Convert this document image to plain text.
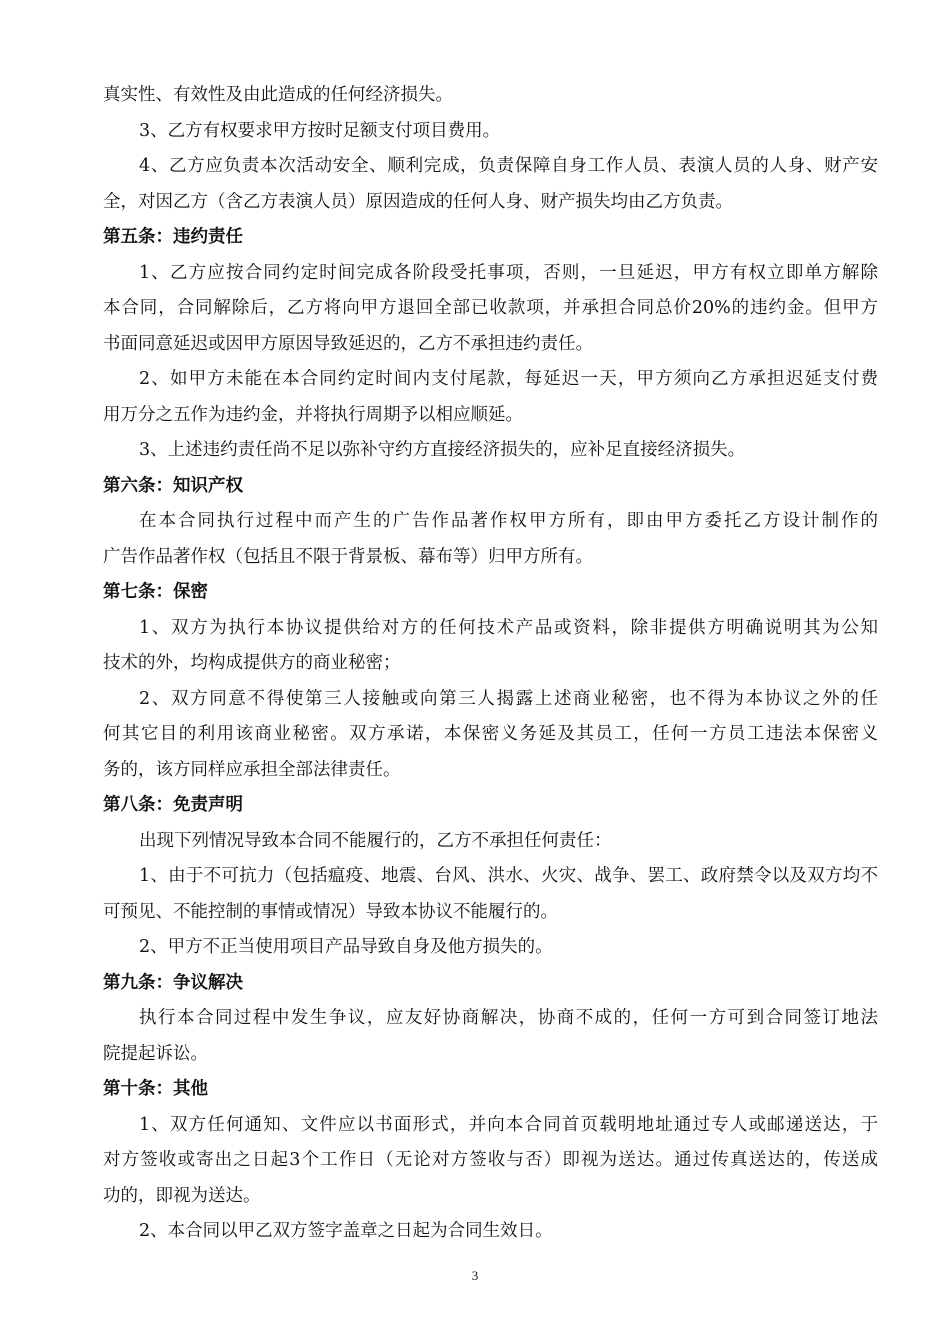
真实性、有效性及由此造成的任何经济损失。
3、乙方有权要求甲方按时足额支付项目费用。
4、乙方应负责本次活动安全、顺利完成，负责保障自身工作人员、表演人员的人身、财产安
全，对因乙方（含乙方表演人员）原因造成的任何人身、财产损失均由乙方负责。
第五条：违约责任
1、乙方应按合同约定时间完成各阶段受托事项，否则，一旦延迟，甲方有权立即单方解除
本合同，合同解除后，乙方将向甲方退回全部已收款项，并承担合同总价20%的违约金。但甲方
书面同意延迟或因甲方原因导致延迟的，乙方不承担违约责任。
2、如甲方未能在本合同约定时间内支付尾款，每延迟一天，甲方须向乙方承担迟延支付费
用万分之五作为违约金，并将执行周期予以相应顺延。
3、上述违约责任尚不足以弥补守约方直接经济损失的，应补足直接经济损失。
第六条：知识产权
在本合同执行过程中而产生的广告作品著作权甲方所有，即由甲方委托乙方设计制作的
广告作品著作权（包括且不限于背景板、幕布等）归甲方所有。
第七条：保密
1、双方为执行本协议提供给对方的任何技术产品或资料，除非提供方明确说明其为公知
技术的外，均构成提供方的商业秘密；
2、双方同意不得使第三人接触或向第三人揭露上述商业秘密，也不得为本协议之外的任
何其它目的利用该商业秘密。双方承诺，本保密义务延及其员工，任何一方员工违法本保密义
务的，该方同样应承担全部法律责任。
第八条：免责声明
出现下列情况导致本合同不能履行的，乙方不承担任何责任：
1、由于不可抗力（包括瘟疫、地震、台风、洪水、火灾、战争、罢工、政府禁令以及双方均不
可预见、不能控制的事情或情况）导致本协议不能履行的。
2、甲方不正当使用项目产品导致自身及他方损失的。
第九条：争议解决
执行本合同过程中发生争议，应友好协商解决，协商不成的，任何一方可到合同签订地法
院提起诉讼。
第十条：其他
1、双方任何通知、文件应以书面形式，并向本合同首页载明地址通过专人或邮递送达，于
对方签收或寄出之日起3个工作日（无论对方签收与否）即视为送达。通过传真送达的，传送成
功的，即视为送达。
2、本合同以甲乙双方签字盖章之日起为合同生效日。
3
